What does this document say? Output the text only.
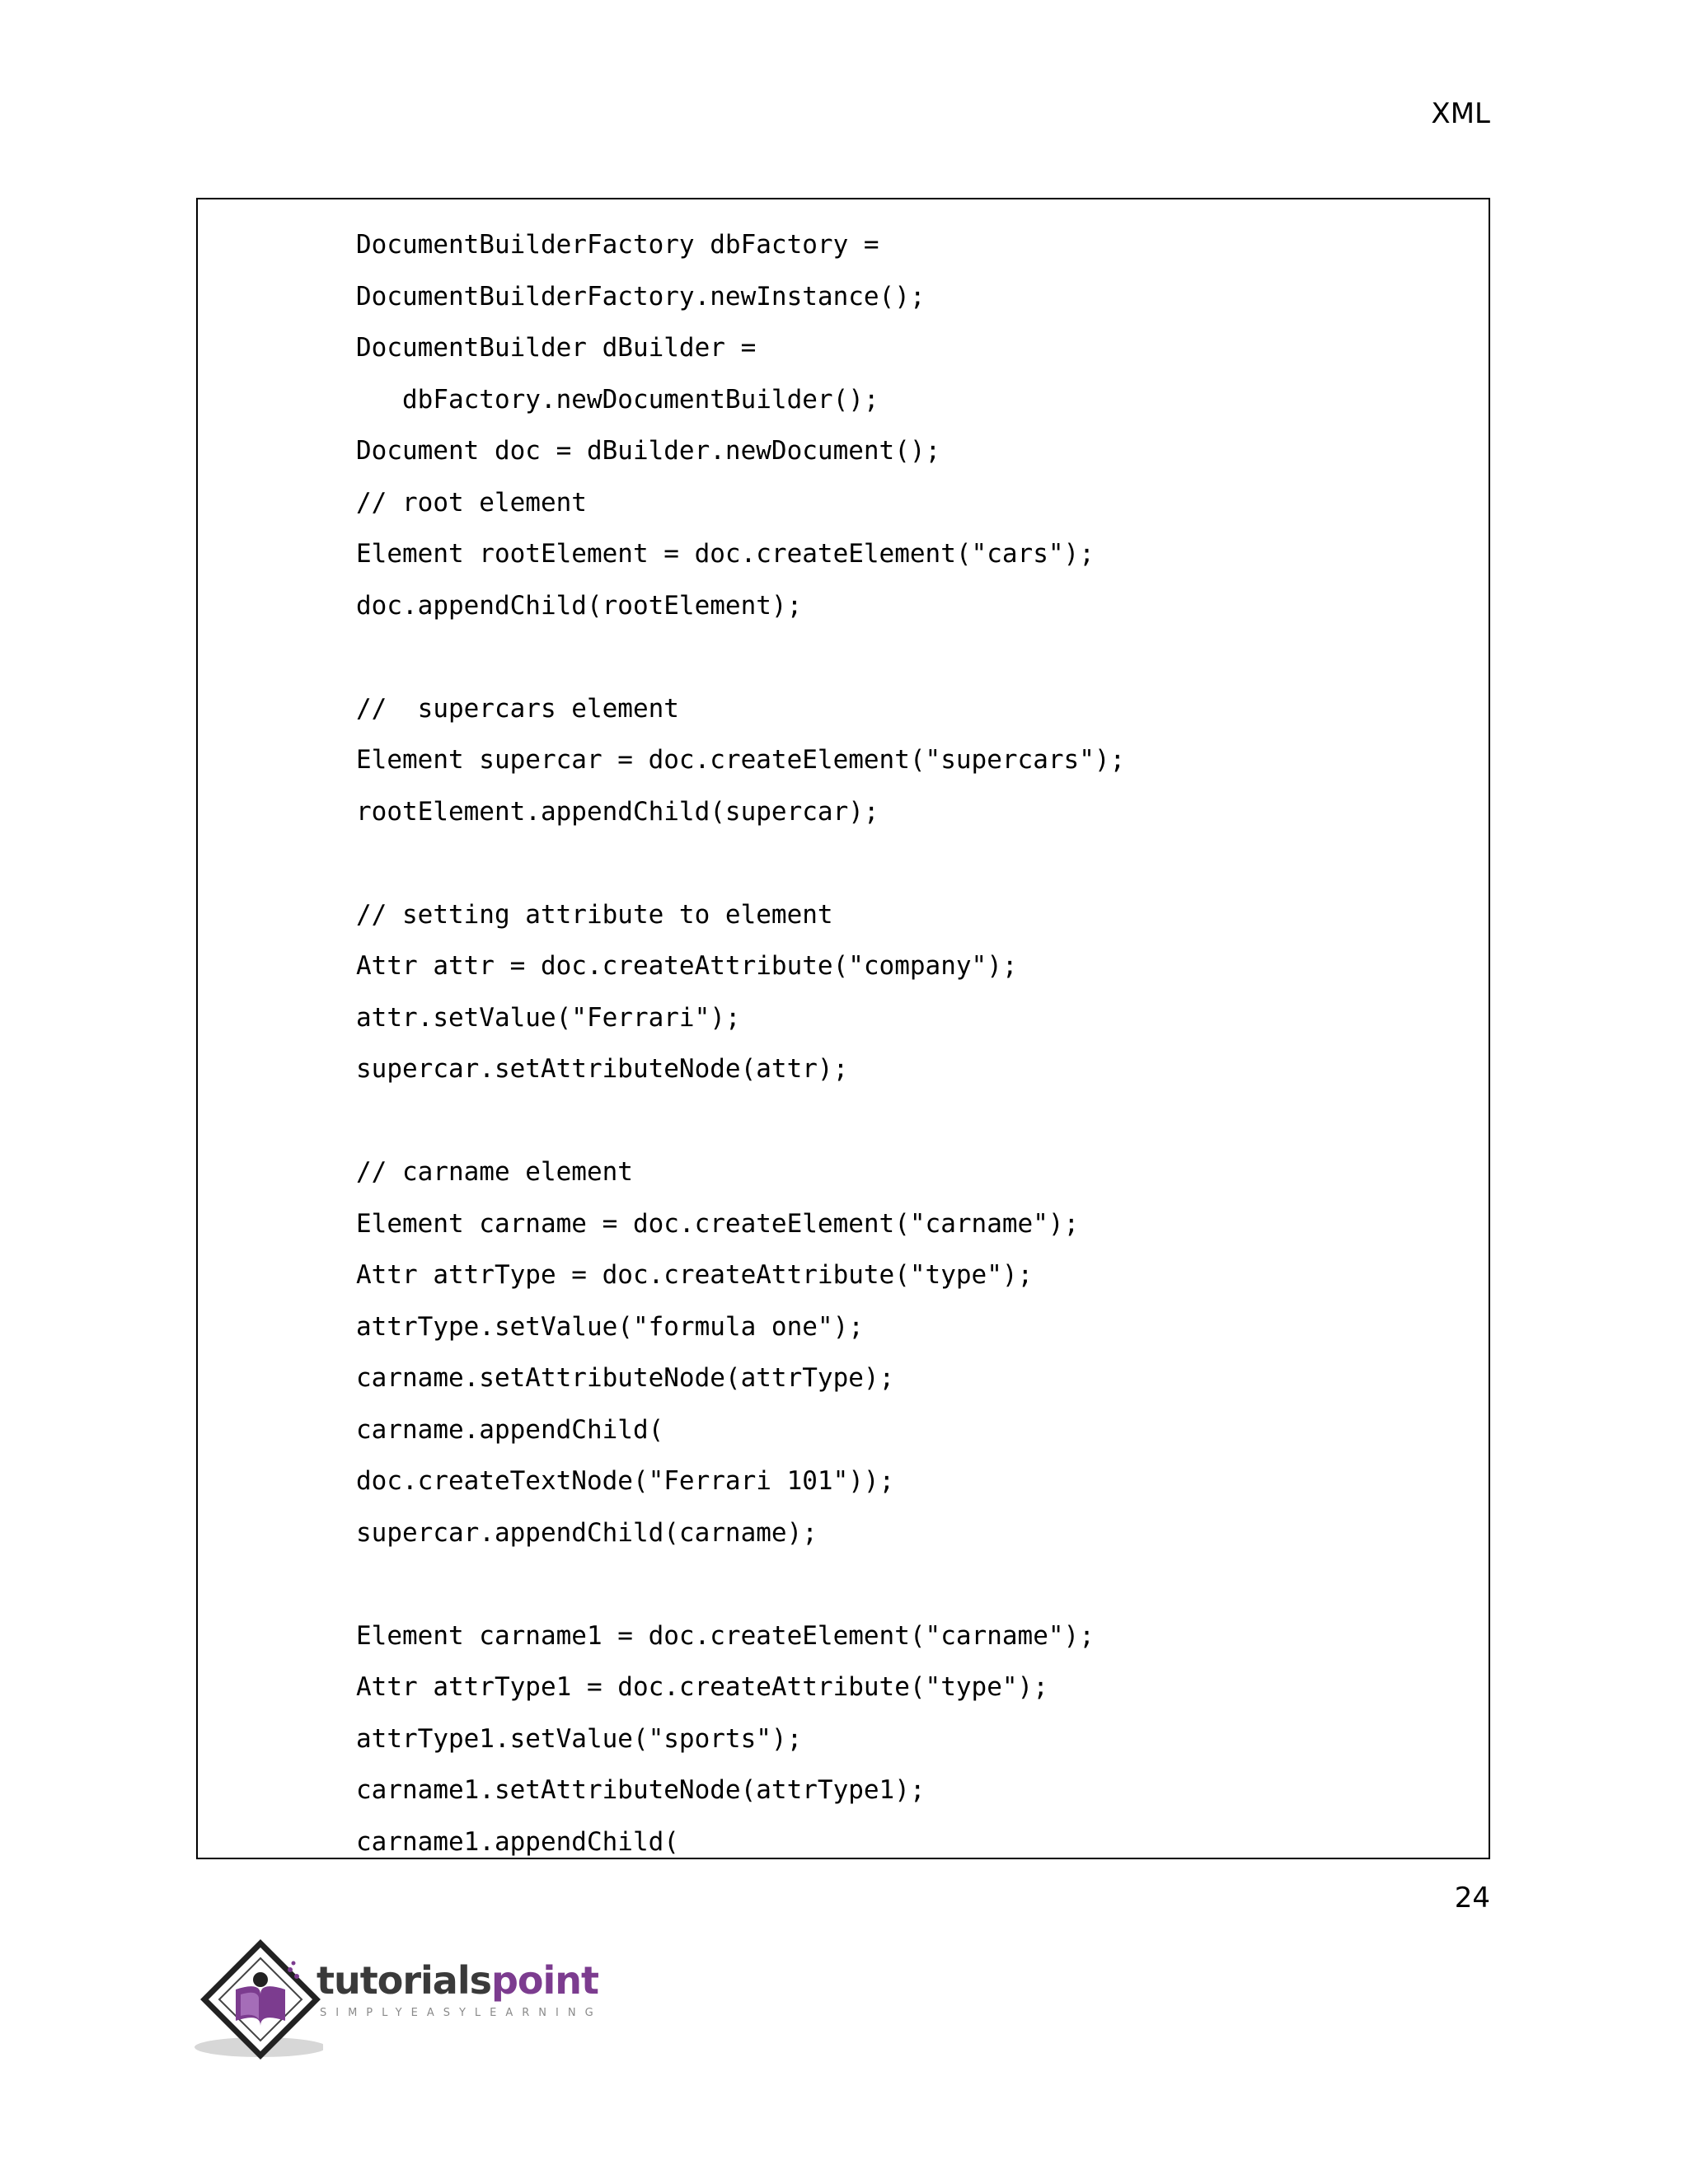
XML
DocumentBuilderFactory dbFactory =
DocumentBuilderFactory.newInstance();
DocumentBuilder dBuilder =
dbFactory.newDocumentBuilder();
Document doc = dBuilder.newDocument();
// root element
Element rootElement = doc.createElement("cars");
doc.appendChild(rootElement);
//  supercars element
Element supercar = doc.createElement("supercars");
rootElement.appendChild(supercar);
// setting attribute to element
Attr attr = doc.createAttribute("company");
attr.setValue("Ferrari");
supercar.setAttributeNode(attr);
// carname element
Element carname = doc.createElement("carname");
Attr attrType = doc.createAttribute("type");
attrType.setValue("formula one");
carname.setAttributeNode(attrType);
carname.appendChild(
doc.createTextNode("Ferrari 101"));
supercar.appendChild(carname);
Element carname1 = doc.createElement("carname");
Attr attrType1 = doc.createAttribute("type");
attrType1.setValue("sports");
carname1.setAttributeNode(attrType1);
carname1.appendChild(
24
tutorialspoint
SIMPLYEASYLEARNING
